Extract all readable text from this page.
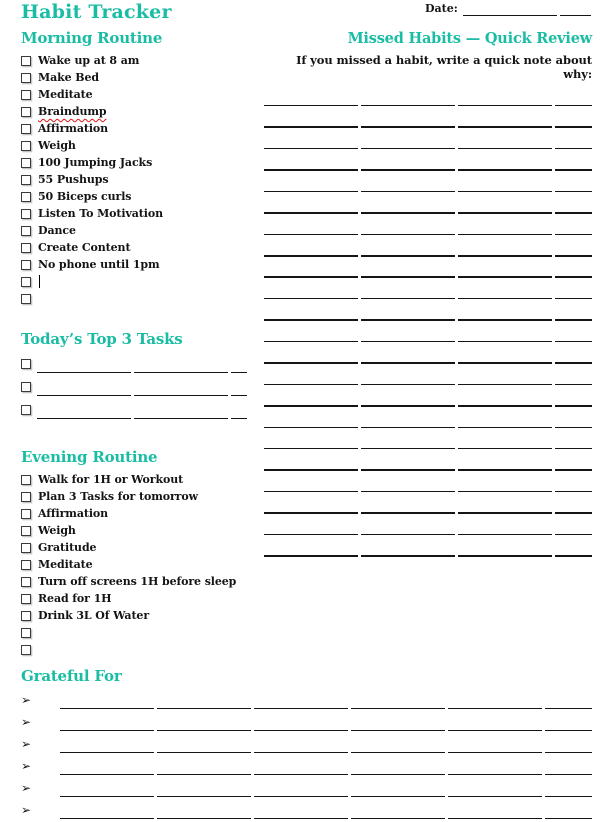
Habit Tracker	Date:
Morning Routine
Wake up at 8 am
Make Bed
Meditate
Braindump
Affirmation
Weigh
100 Jumping Jacks
55 Pushups
50 Biceps curls
Listen To Motivation
Dance
Create Content
No phone until 1pm
Today’s Top 3 Tasks
Evening Routine
Walk for 1H or Workout
Plan 3 Tasks for tomorrow
Affirmation
Weigh
Gratitude
Meditate
Turn off screens 1H before sleep
Read for 1H
Drink 3L Of Water
Grateful For
➢
➢
➢
➢
➢
➢
Missed Habits — Quick Review
If you missed a habit, write a quick note about why:
